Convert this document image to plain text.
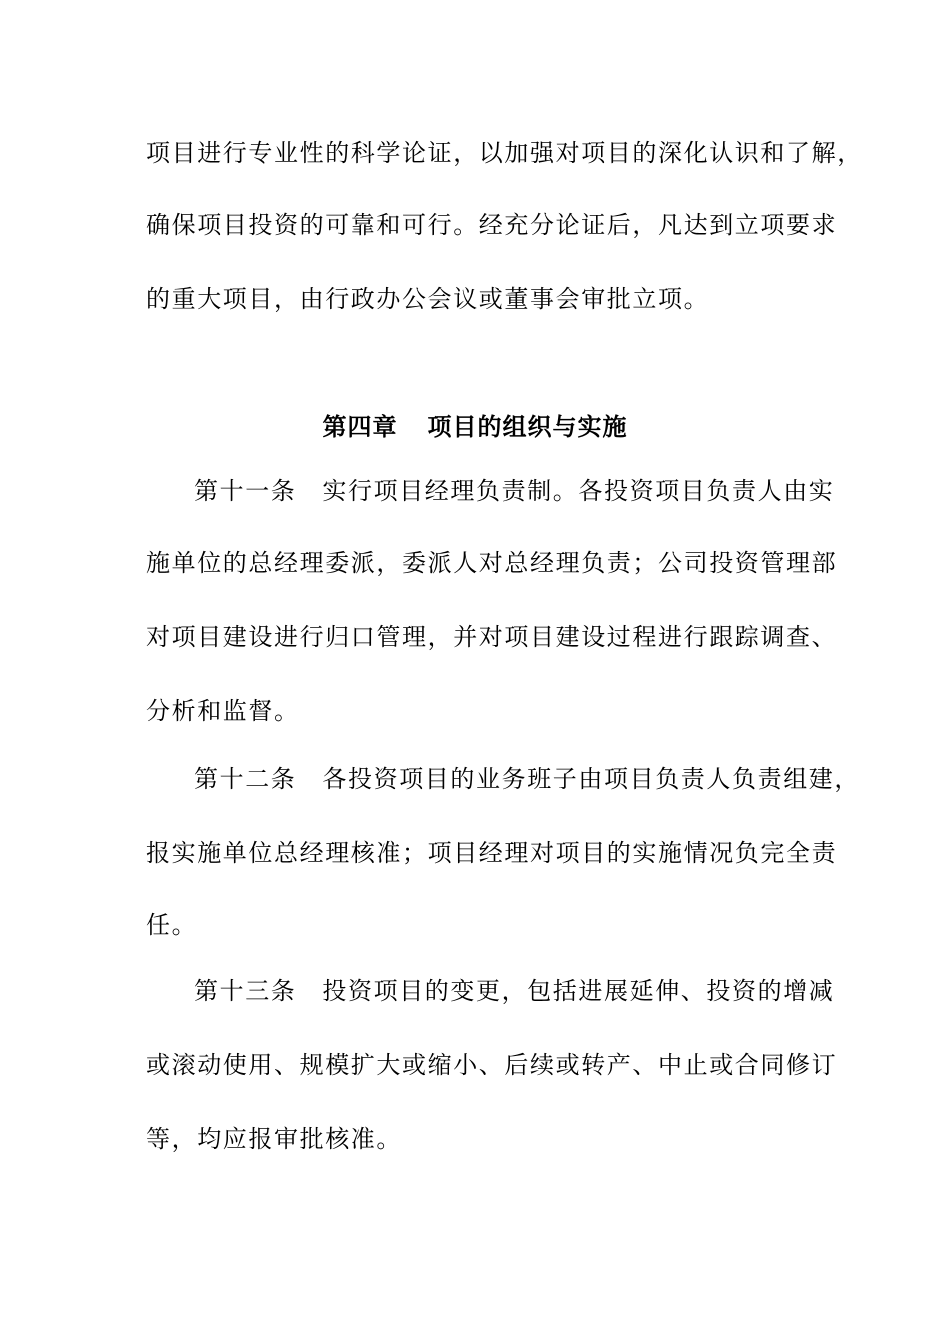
项目进行专业性的科学论证，以加强对项目的深化认识和了解，
确保项目投资的可靠和可行。经充分论证后，凡达到立项要求
的重大项目，由行政办公会议或董事会审批立项。
第四章 项目的组织与实施
第十一条 实行项目经理负责制。各投资项目负责人由实
施单位的总经理委派，委派人对总经理负责；公司投资管理部
对项目建设进行归口管理，并对项目建设过程进行跟踪调查、
分析和监督。
第十二条 各投资项目的业务班子由项目负责人负责组建，
报实施单位总经理核准；项目经理对项目的实施情况负完全责
任。
第十三条 投资项目的变更，包括进展延伸、投资的增减
或滚动使用、规模扩大或缩小、后续或转产、中止或合同修订
等，均应报审批核准。
